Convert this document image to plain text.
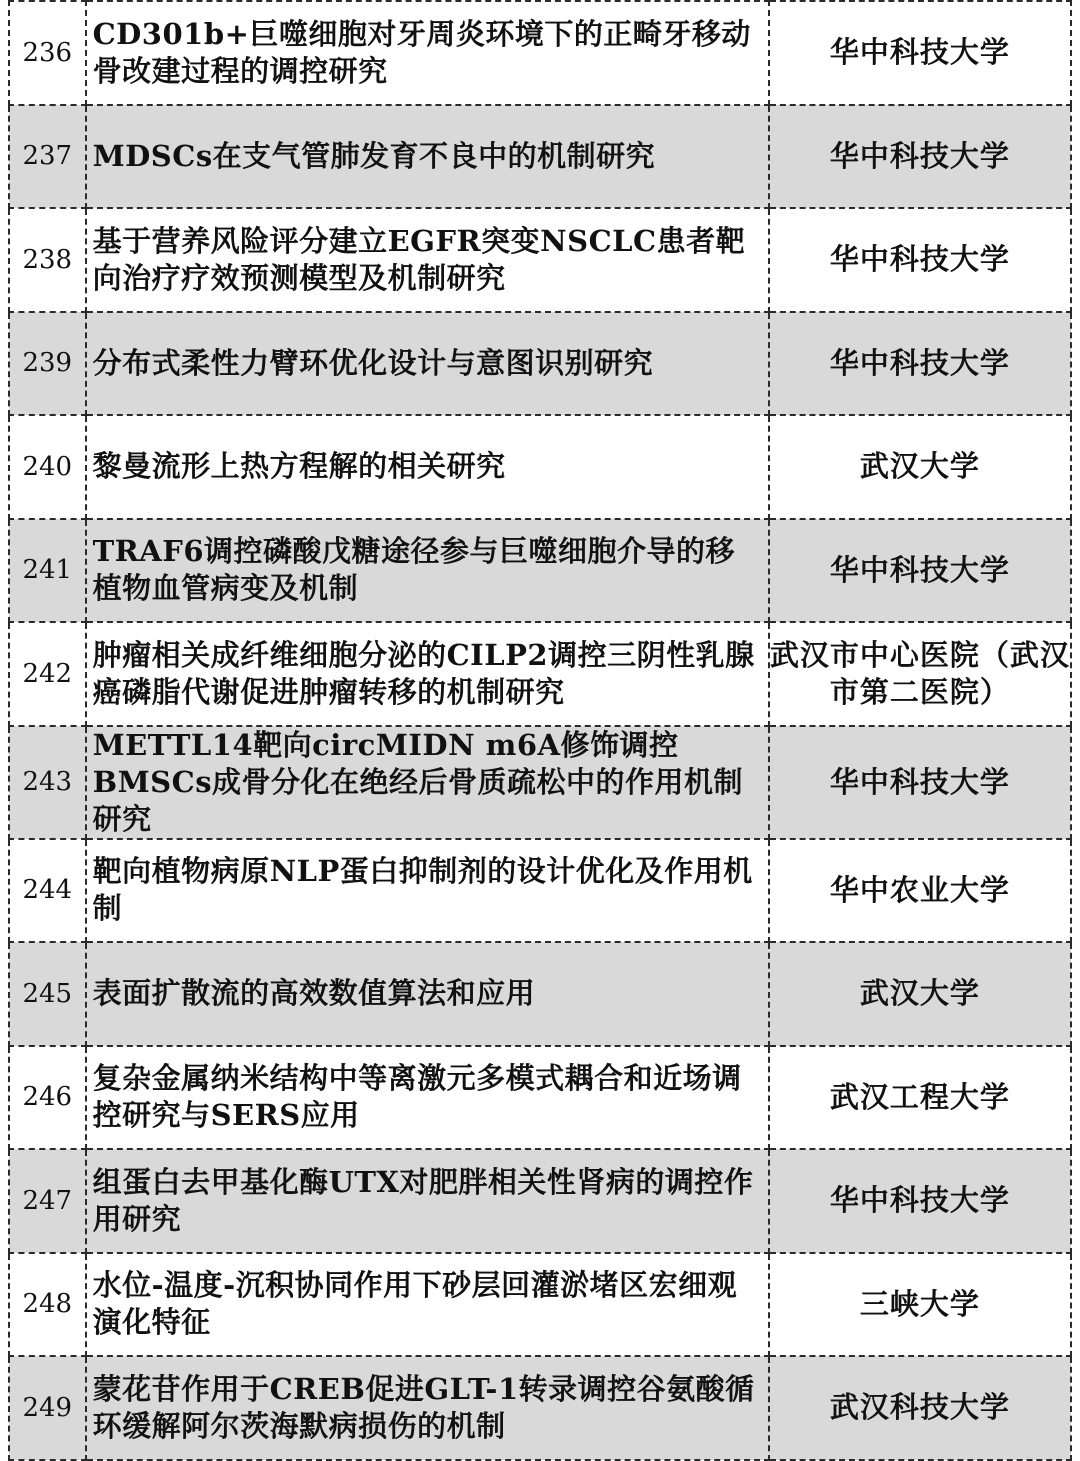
236	CD301b+巨噬细胞对牙周炎环境下的正畸牙移动骨改建过程的调控研究	华中科技大学
237	MDSCs在支气管肺发育不良中的机制研究	华中科技大学
238	基于营养风险评分建立EGFR突变NSCLC患者靶向治疗疗效预测模型及机制研究	华中科技大学
239	分布式柔性力臂环优化设计与意图识别研究	华中科技大学
240	黎曼流形上热方程解的相关研究	武汉大学
241	TRAF6调控磷酸戊糖途径参与巨噬细胞介导的移植物血管病变及机制	华中科技大学
242	肿瘤相关成纤维细胞分泌的CILP2调控三阴性乳腺癌磷脂代谢促进肿瘤转移的机制研究	武汉市中心医院（武汉市第二医院）
243	METTL14靶向circMIDN m6A修饰调控BMSCs成骨分化在绝经后骨质疏松中的作用机制研究	华中科技大学
244	靶向植物病原NLP蛋白抑制剂的设计优化及作用机制	华中农业大学
245	表面扩散流的高效数值算法和应用	武汉大学
246	复杂金属纳米结构中等离激元多模式耦合和近场调控研究与SERS应用	武汉工程大学
247	组蛋白去甲基化酶UTX对肥胖相关性肾病的调控作用研究	华中科技大学
248	水位-温度-沉积协同作用下砂层回灌淤堵区宏细观演化特征	三峡大学
249	蒙花苷作用于CREB促进GLT-1转录调控谷氨酸循环缓解阿尔茨海默病损伤的机制	武汉科技大学
